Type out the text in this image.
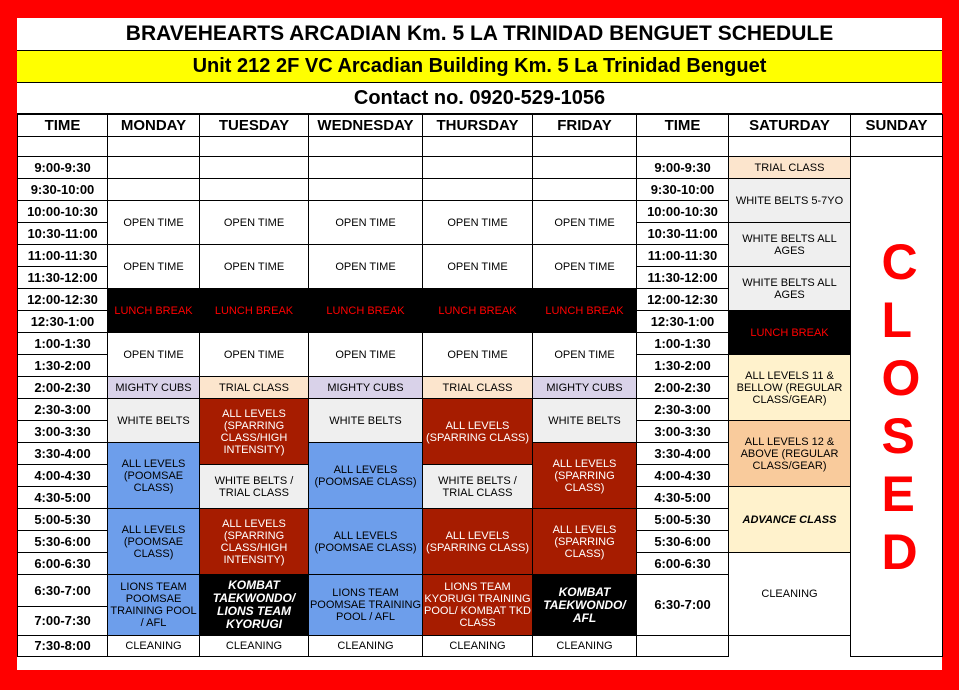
BRAVEHEARTS ARCADIAN Km. 5 LA TRINIDAD BENGUET SCHEDULE
Unit 212 2F VC Arcadian Building Km. 5 La Trinidad Benguet
Contact no. 0920-529-1056
TIME	MONDAY	TUESDAY	WEDNESDAY	THURSDAY	FRIDAY	TIME	SATURDAY	SUNDAY

9:00-9:30						9:00-9:30	TRIAL CLASS	C L O S E D
9:30-10:00						9:30-10:00	WHITE BELTS 5-7YO	
10:00-10:30	OPEN TIME	OPEN TIME	OPEN TIME	OPEN TIME	OPEN TIME	10:00-10:30		
10:30-11:00						10:30-11:00	WHITE BELTS ALL AGES	
11:00-11:30	OPEN TIME	OPEN TIME	OPEN TIME	OPEN TIME	OPEN TIME	11:00-11:30		
11:30-12:00						11:30-12:00	WHITE BELTS ALL AGES	
12:00-12:30	LUNCH BREAK	LUNCH BREAK	LUNCH BREAK	LUNCH BREAK	LUNCH BREAK	12:00-12:30		
12:30-1:00						12:30-1:00	LUNCH BREAK	
1:00-1:30	OPEN TIME	OPEN TIME	OPEN TIME	OPEN TIME	OPEN TIME	1:00-1:30		
1:30-2:00						1:30-2:00	ALL LEVELS 11 & BELLOW (REGULAR CLASS/GEAR)	
2:00-2:30	MIGHTY CUBS	TRIAL CLASS	MIGHTY CUBS	TRIAL CLASS	MIGHTY CUBS	2:00-2:30		
2:30-3:00	WHITE BELTS	ALL LEVELS (SPARRING CLASS/HIGH INTENSITY)	WHITE BELTS	ALL LEVELS (SPARRING CLASS)	WHITE BELTS	2:30-3:00		
3:00-3:30						3:00-3:30	ALL LEVELS 12 & ABOVE (REGULAR CLASS/GEAR)	
3:30-4:00	ALL LEVELS (POOMSAE CLASS)		ALL LEVELS (POOMSAE CLASS)		ALL LEVELS (SPARRING CLASS)	3:30-4:00		
4:00-4:30		WHITE BELTS / TRIAL CLASS		WHITE BELTS / TRIAL CLASS		4:00-4:30		
4:30-5:00						4:30-5:00	ADVANCE CLASS	
5:00-5:30	ALL LEVELS (POOMSAE CLASS)	ALL LEVELS (SPARRING CLASS/HIGH INTENSITY)	ALL LEVELS (POOMSAE CLASS)	ALL LEVELS (SPARRING CLASS)	ALL LEVELS (SPARRING CLASS)	5:00-5:30		
5:30-6:00						5:30-6:00		
6:00-6:30						6:00-6:30	CLEANING	
6:30-7:00	LIONS TEAM POOMSAE TRAINING POOL / AFL	KOMBAT TAEKWONDO/ LIONS TEAM KYORUGI	LIONS TEAM POOMSAE TRAINING POOL / AFL	LIONS TEAM KYORUGI TRAINING POOL/ KOMBAT TKD CLASS	KOMBAT TAEKWONDO/ AFL	6:30-7:00		
7:00-7:30								
7:30-8:00	CLEANING	CLEANING	CLEANING	CLEANING	CLEANING			
